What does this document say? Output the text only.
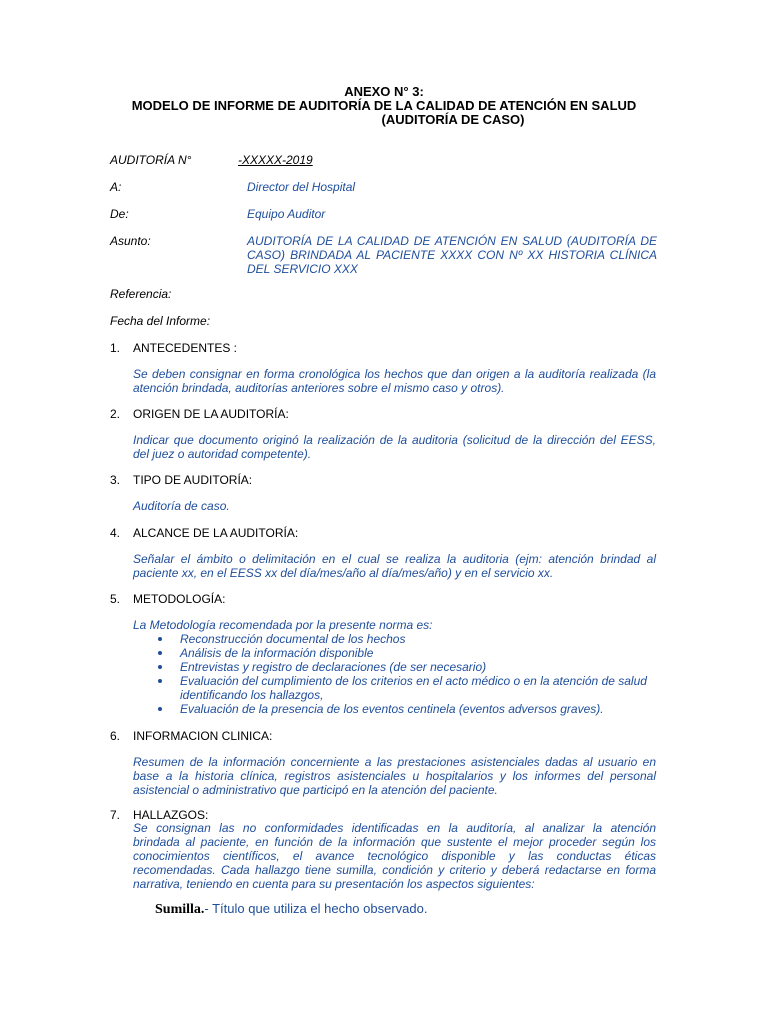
ANEXO N° 3:
MODELO DE INFORME DE AUDITORÍA DE LA CALIDAD DE ATENCIÓN EN SALUD
(AUDITORÍA DE CASO)
AUDITORÍA N°	-XXXXX-2019
A:	Director del Hospital
De:	Equipo Auditor
Asunto:	AUDITORÍA DE LA CALIDAD DE ATENCIÓN EN SALUD (AUDITORÍA DE
CASO) BRINDADA AL PACIENTE XXXX CON Nº XX HISTORIA CLÍNICA
DEL SERVICIO XXX
Referencia:
Fecha del Informe:
1. ANTECEDENTES :
Se deben consignar en forma cronológica los hechos que dan origen a la auditoría realizada (la
atención brindada, auditorías anteriores sobre el mismo caso y otros).
2. ORIGEN DE LA AUDITORÍA:
Indicar que documento originó la realización de la auditoria (solicitud de la dirección del EESS,
del juez o autoridad competente).
3. TIPO DE AUDITORÍA:
Auditoría de caso.
4. ALCANCE DE LA AUDITORÍA:
Señalar el ámbito o delimitación en el cual se realiza la auditoria (ejm: atención brindad al
paciente xx, en el EESS xx del día/mes/año al día/mes/año) y en el servicio xx.
5. METODOLOGÍA:
La Metodología recomendada por la presente norma es:
Reconstrucción documental de los hechos
Análisis de la información disponible
Entrevistas y registro de declaraciones (de ser necesario)
Evaluación del cumplimiento de los criterios en el acto médico o en la atención de salud
identificando los hallazgos,
Evaluación de la presencia de los eventos centinela (eventos adversos graves).
6. INFORMACION CLINICA:
Resumen de la información concerniente a las prestaciones asistenciales dadas al usuario en
base a la historia clínica, registros asistenciales u hospitalarios y los informes del personal
asistencial o administrativo que participó en la atención del paciente.
7. HALLAZGOS:
Se consignan las no conformidades identificadas en la auditoría, al analizar la atención
brindada al paciente, en función de la información que sustente el mejor proceder según los
conocimientos científicos, el avance tecnológico disponible y las conductas éticas
recomendadas. Cada hallazgo tiene sumilla, condición y criterio y deberá redactarse en forma
narrativa, teniendo en cuenta para su presentación los aspectos siguientes:
Sumilla.- Título que utiliza el hecho observado.
